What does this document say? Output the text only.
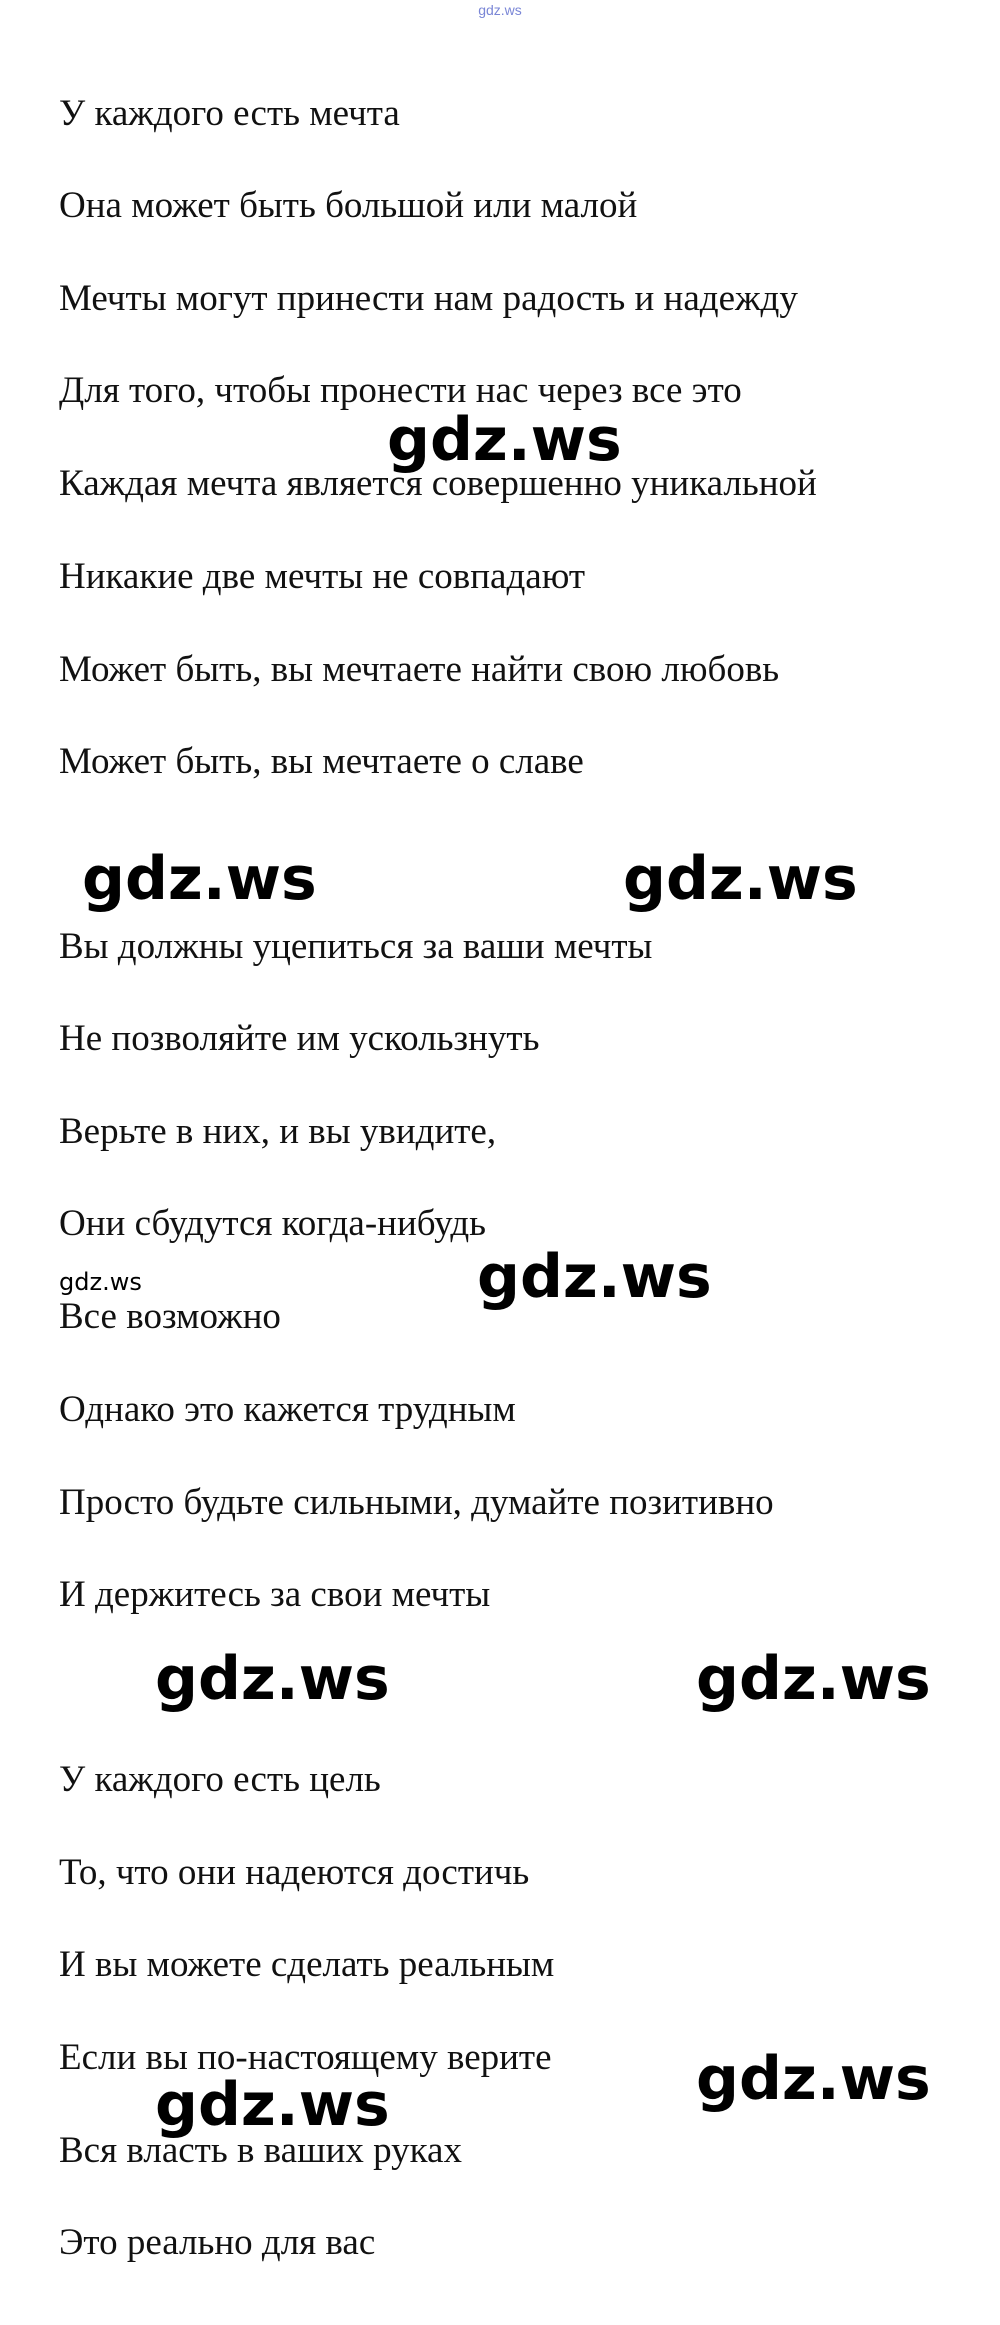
gdz.ws
У каждого есть мечта
Она может быть большой или малой
Мечты могут принести нам радость и надежду
Для того, чтобы пронести нас через все это
Каждая мечта является совершенно уникальной
Никакие две мечты не совпадают
Может быть, вы мечтаете найти свою любовь
Может быть, вы мечтаете о славе
Вы должны уцепиться за ваши мечты
Не позволяйте им ускользнуть
Верьте в них, и вы увидите,
Они сбудутся когда-нибудь
Все возможно
Однако это кажется трудным
Просто будьте сильными, думайте позитивно
И держитесь за свои мечты
У каждого есть цель
То, что они надеются достичь
И вы можете сделать реальным
Если вы по-настоящему верите
Вся власть в ваших руках
Это реально для вас
gdz.ws
gdz.ws	gdz.ws
gdz.ws
gdz.ws	gdz.ws
gdz.ws	gdz.ws
gdz.ws
